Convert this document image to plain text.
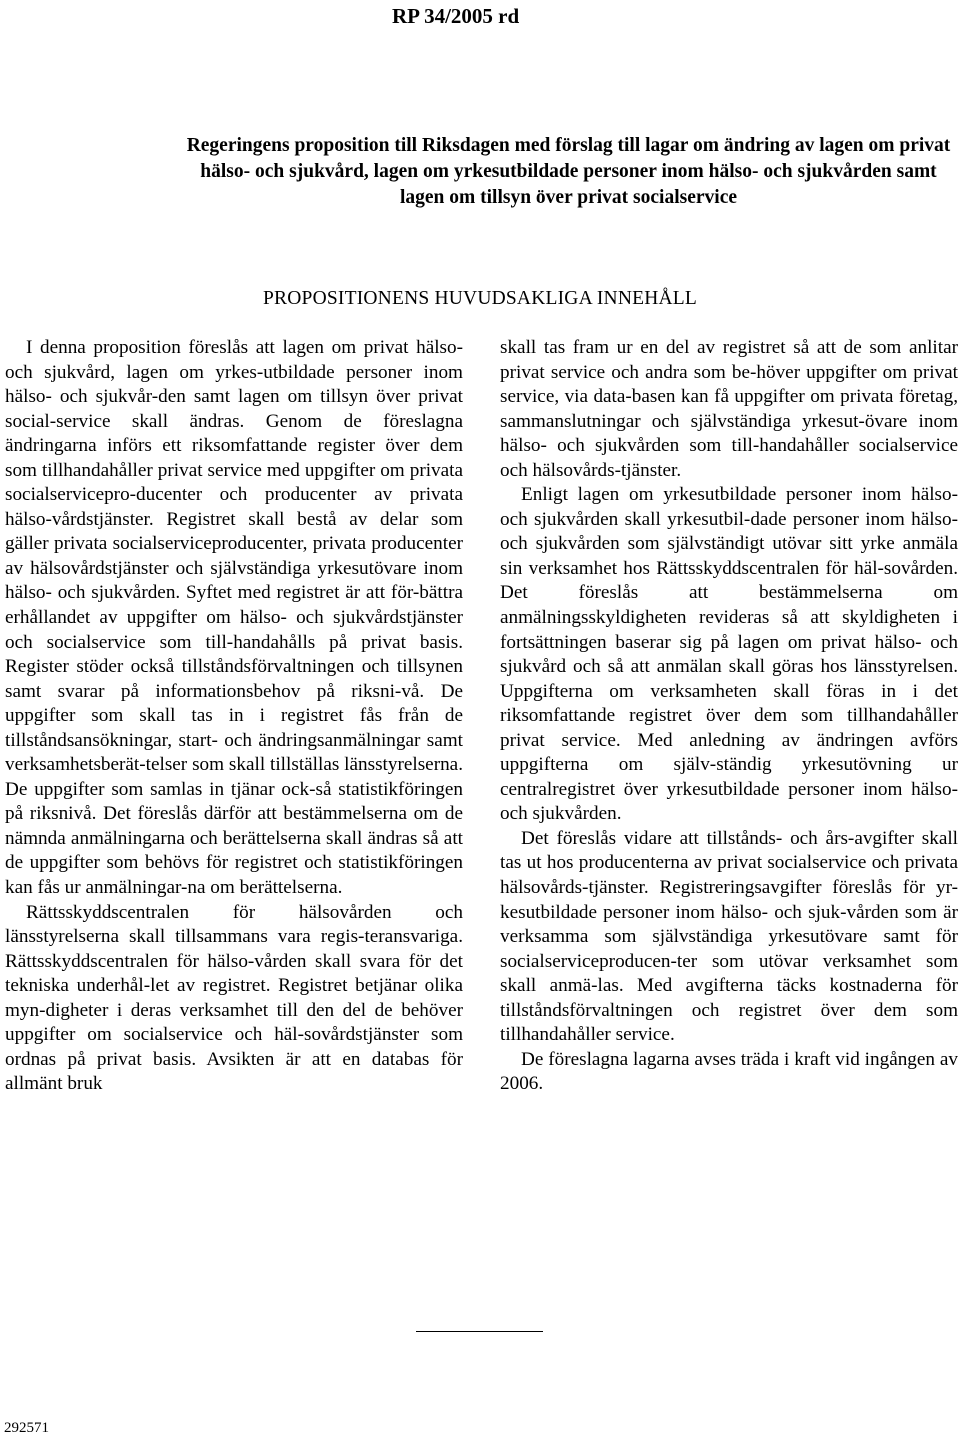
RP 34/2005 rd
Regeringens proposition till Riksdagen med förslag till lagar om ändring av lagen om privat hälso- och sjukvård, lagen om yrkesutbildade personer inom hälso- och sjukvården samt lagen om tillsyn över privat socialservice
PROPOSITIONENS HUVUDSAKLIGA INNEHÅLL

I denna proposition föreslås att lagen om privat hälso- och sjukvård, lagen om yrkes-utbildade personer inom hälso- och sjukvår-den samt lagen om tillsyn över privat social-service skall ändras. Genom de föreslagna ändringarna införs ett riksomfattande register över dem som tillhandahåller privat service med uppgifter om privata socialservicepro-ducenter och producenter av privata hälso-vårdstjänster. Registret skall bestå av delar som gäller privata socialserviceproducenter, privata producenter av hälsovårdstjänster och självständiga yrkesutövare inom hälso- och sjukvården. Syftet med registret är att för-bättra erhållandet av uppgifter om hälso- och sjukvårdstjänster och socialservice som till-handahålls på privat basis. Register stöder också tillståndsförvaltningen och tillsynen samt svarar på informationsbehov på riksni-vå. De uppgifter som skall tas in i registret fås från de tillståndsansökningar, start- och ändringsanmälningar samt verksamhetsberät-telser som skall tillställas länsstyrelserna. De uppgifter som samlas in tjänar ock-så statistikföringen på riksnivå. Det föreslås därför att bestämmelserna om de nämnda anmälningarna och berättelserna skall ändras så att de uppgifter som behövs för registret och statistikföringen kan fås ur anmälningar-na om berättelserna.

Rättsskyddscentralen för hälsovården och länsstyrelserna skall tillsammans vara regis-teransvariga. Rättsskyddscentralen för hälso-vården skall svara för det tekniska underhål-let av registret. Registret betjänar olika myn-digheter i deras verksamhet till den del de behöver uppgifter om socialservice och häl-sovårdstjänster som ordnas på privat basis. Avsikten är att en databas för allmänt bruk

skall tas fram ur en del av registret så att de som anlitar privat service och andra som be-höver uppgifter om privat service, via data-basen kan få uppgifter om privata företag, sammanslutningar och självständiga yrkesut-övare inom hälso- och sjukvården som till-handahåller socialservice och hälsovårds-tjänster.

Enligt lagen om yrkesutbildade personer inom hälso- och sjukvården skall yrkesutbil-dade personer inom hälso- och sjukvården som självständigt utövar sitt yrke anmäla sin verksamhet hos Rättsskyddscentralen för häl-sovården. Det föreslås att bestämmelserna om anmälningsskyldigheten revideras så att skyldigheten i fortsättningen baserar sig på lagen om privat hälso- och sjukvård och så att anmälan skall göras hos länsstyrelsen. Uppgifterna om verksamheten skall föras in i det riksomfattande registret över dem som tillhandahåller privat service. Med anledning av ändringen avförs uppgifterna om själv-ständig yrkesutövning ur centralregistret över yrkesutbildade personer inom hälso- och sjukvården.

Det föreslås vidare att tillstånds- och års-avgifter skall tas ut hos producenterna av privat socialservice och privata hälsovårds-tjänster. Registreringsavgifter föreslås för yr-kesutbildade personer inom hälso- och sjuk-vården som är verksamma som självständiga yrkesutövare samt för socialserviceproducen-ter som utövar verksamhet som skall anmä-las. Med avgifterna täcks kostnaderna för tillståndsförvaltningen och registret över dem som tillhandahåller service.

De föreslagna lagarna avses träda i kraft vid ingången av 2006.

292571
